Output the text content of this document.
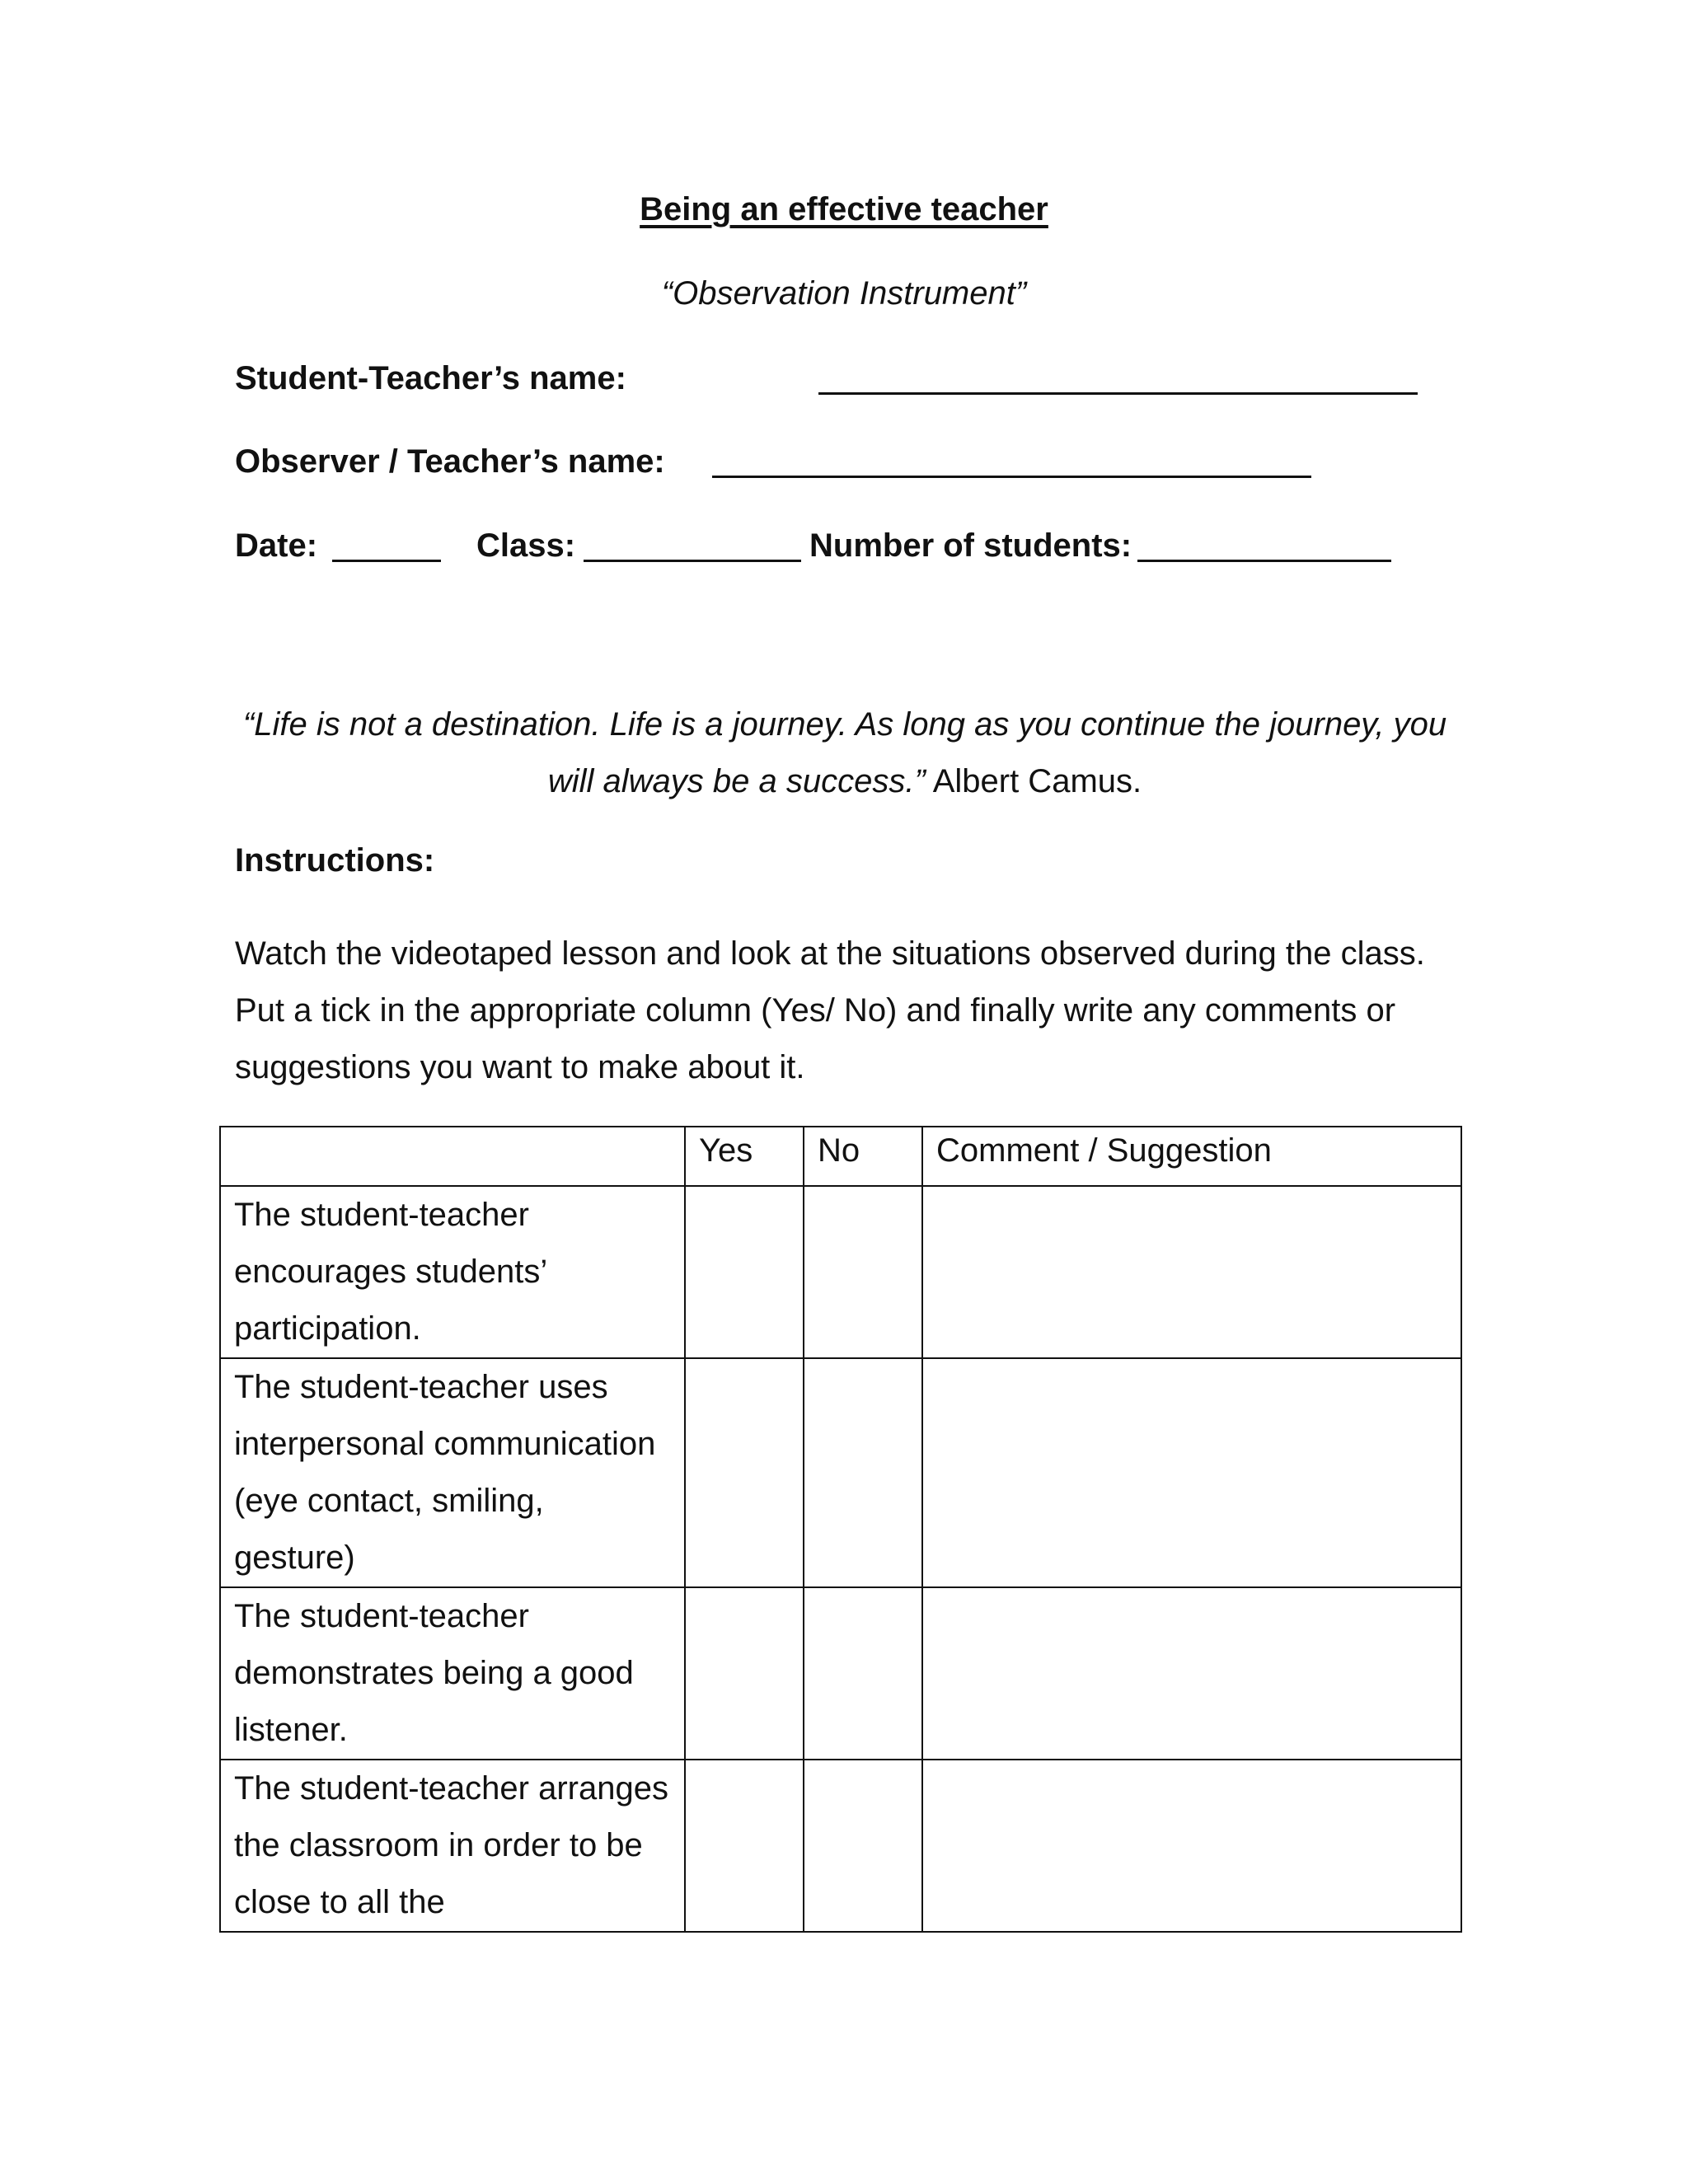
Being an effective teacher
“Observation Instrument”
Student-Teacher’s name:
Observer / Teacher’s name:
Date:	Class:	Number of students:
“Life is not a destination. Life is a journey. As long as you continue the journey, you will always be a success.” Albert Camus.
Instructions:
Watch the videotaped lesson and look at the situations observed during the class.
Put a tick in the appropriate column (Yes/ No) and finally write any comments or
suggestions you want to make about it.
	Yes	No	Comment / Suggestion
The student-teacher encourages students’ participation.			
The student-teacher uses interpersonal communication (eye contact, smiling, gesture)			
The student-teacher demonstrates being a good listener.			
The student-teacher arranges the classroom in order to be close to all the			
